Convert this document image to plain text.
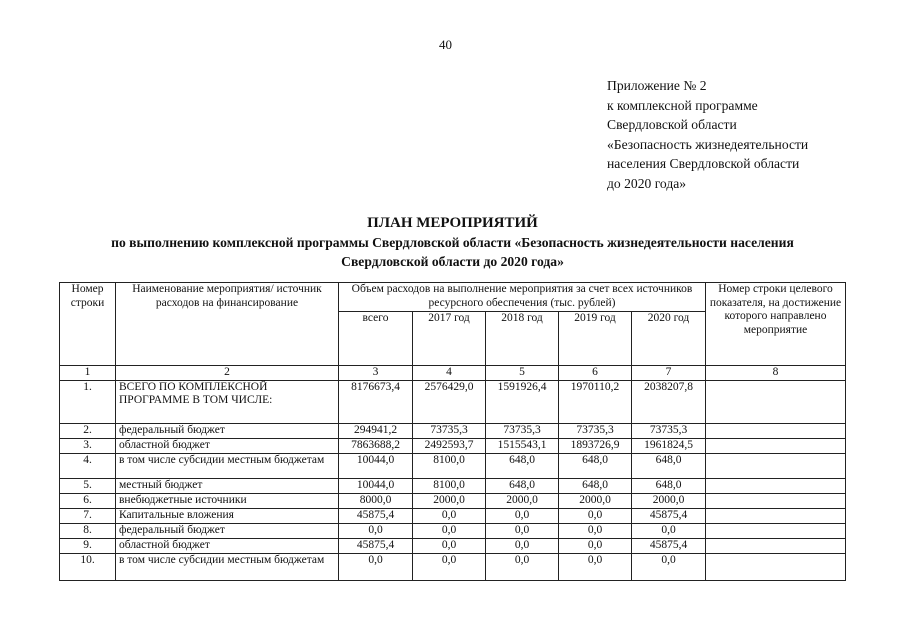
40
Приложение № 2
к комплексной программе
Свердловской области
«Безопасность жизнедеятельности
населения Свердловской области
до 2020 года»
ПЛАН МЕРОПРИЯТИЙ
по выполнению комплексной программы Свердловской области «Безопасность жизнедеятельности населения
Свердловской области до 2020 года»
Номер строки	Наименование мероприятия/ источник расходов на финансирование	Объем расходов на выполнение мероприятия за счет всех источников ресурсного обеспечения (тыс. рублей)					Номер строки целевого показателя, на достижение которого направлено мероприятие
		всего	2017 год	2018 год	2019 год	2020 год	
1	2	3	4	5	6	7	8
1.	ВСЕГО ПО КОМПЛЕКСНОЙ ПРОГРАММЕ В ТОМ ЧИСЛЕ:	8176673,4	2576429,0	1591926,4	1970110,2	2038207,8	
2.	федеральный бюджет	294941,2	73735,3	73735,3	73735,3	73735,3	
3.	областной бюджет	7863688,2	2492593,7	1515543,1	1893726,9	1961824,5	
4.	в том числе субсидии местным бюджетам	10044,0	8100,0	648,0	648,0	648,0	
5.	местный бюджет	10044,0	8100,0	648,0	648,0	648,0	
6.	внебюджетные источники	8000,0	2000,0	2000,0	2000,0	2000,0	
7.	Капитальные вложения	45875,4	0,0	0,0	0,0	45875,4	
8.	федеральный бюджет	0,0	0,0	0,0	0,0	0,0	
9.	областной бюджет	45875,4	0,0	0,0	0,0	45875,4	
10.	в том числе субсидии местным бюджетам	0,0	0,0	0,0	0,0	0,0	
